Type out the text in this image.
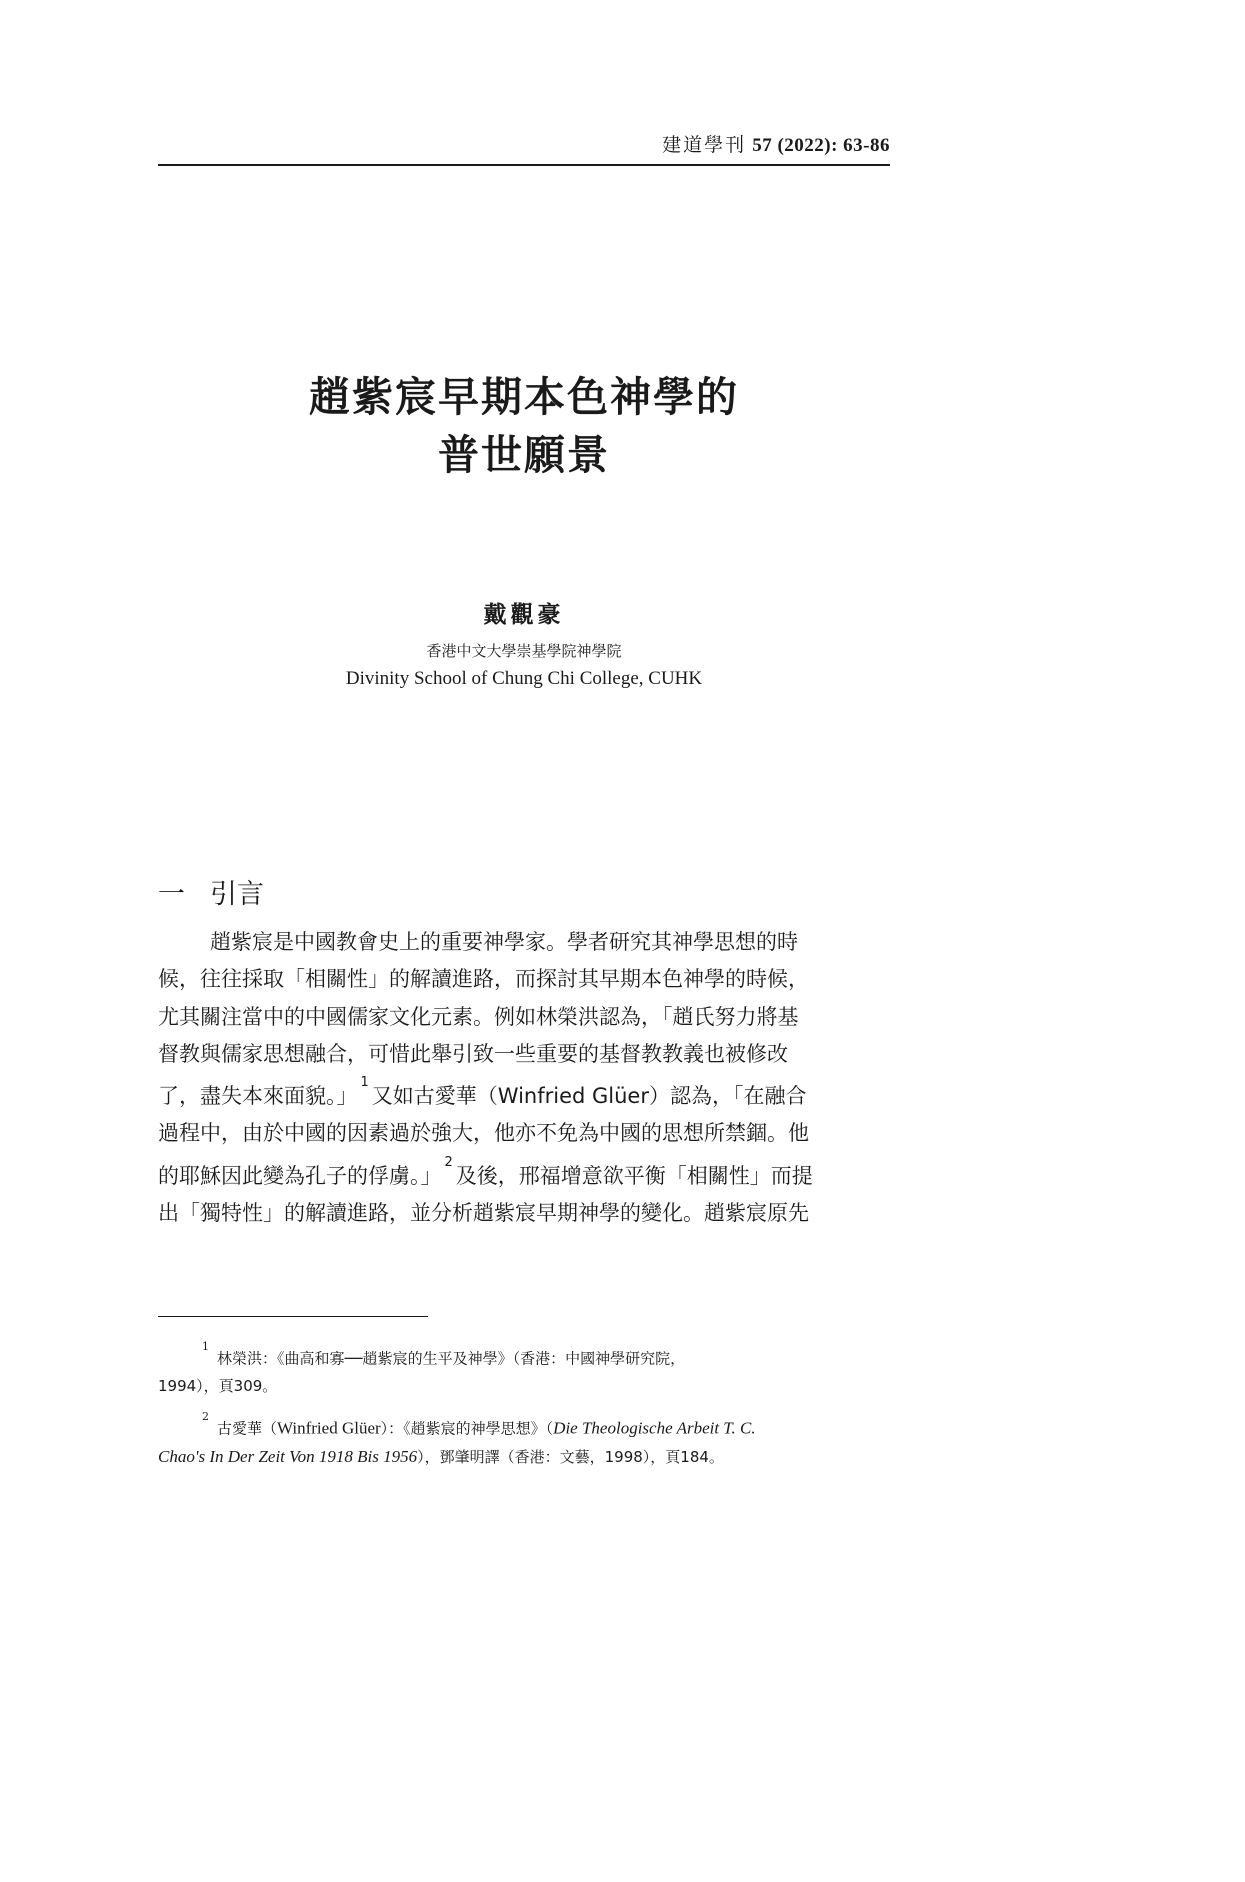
建道學刊 57 (2022): 63-86
趙紫宸早期本色神學的
普世願景
戴觀豪
香港中文大學崇基學院神學院
Divinity School of Chung Chi College, CUHK
一 引言
趙紫宸是中國教會史上的重要神學家。學者研究其神學思想的時
候，往往採取「相關性」的解讀進路，而探討其早期本色神學的時候，
尤其關注當中的中國儒家文化元素。例如林榮洪認為，「趙氏努力將基
督教與儒家思想融合，可惜此舉引致一些重要的基督教教義也被修改
了，盡失本來面貌。」$^1$又如古愛華（Winfried Glüer）認為，「在融合
過程中，由於中國的因素過於強大，他亦不免為中國的思想所禁錮。他
的耶穌因此變為孔子的俘虜。」$^2$及後，邢福增意欲平衡「相關性」而提
出「獨特性」的解讀進路，並分析趙紫宸早期神學的變化。趙紫宸原先
$^1$林榮洪：《曲高和寡──趙紫宸的生平及神學》（香港：中國神學研究院，
1994），頁309。
$^2$古愛華（Winfried Glüer）：《趙紫宸的神學思想》（Die Theologische Arbeit T. C.
Chao's In Der Zeit Von 1918 Bis 1956），鄧肇明譯（香港：文藝，1998），頁184。
